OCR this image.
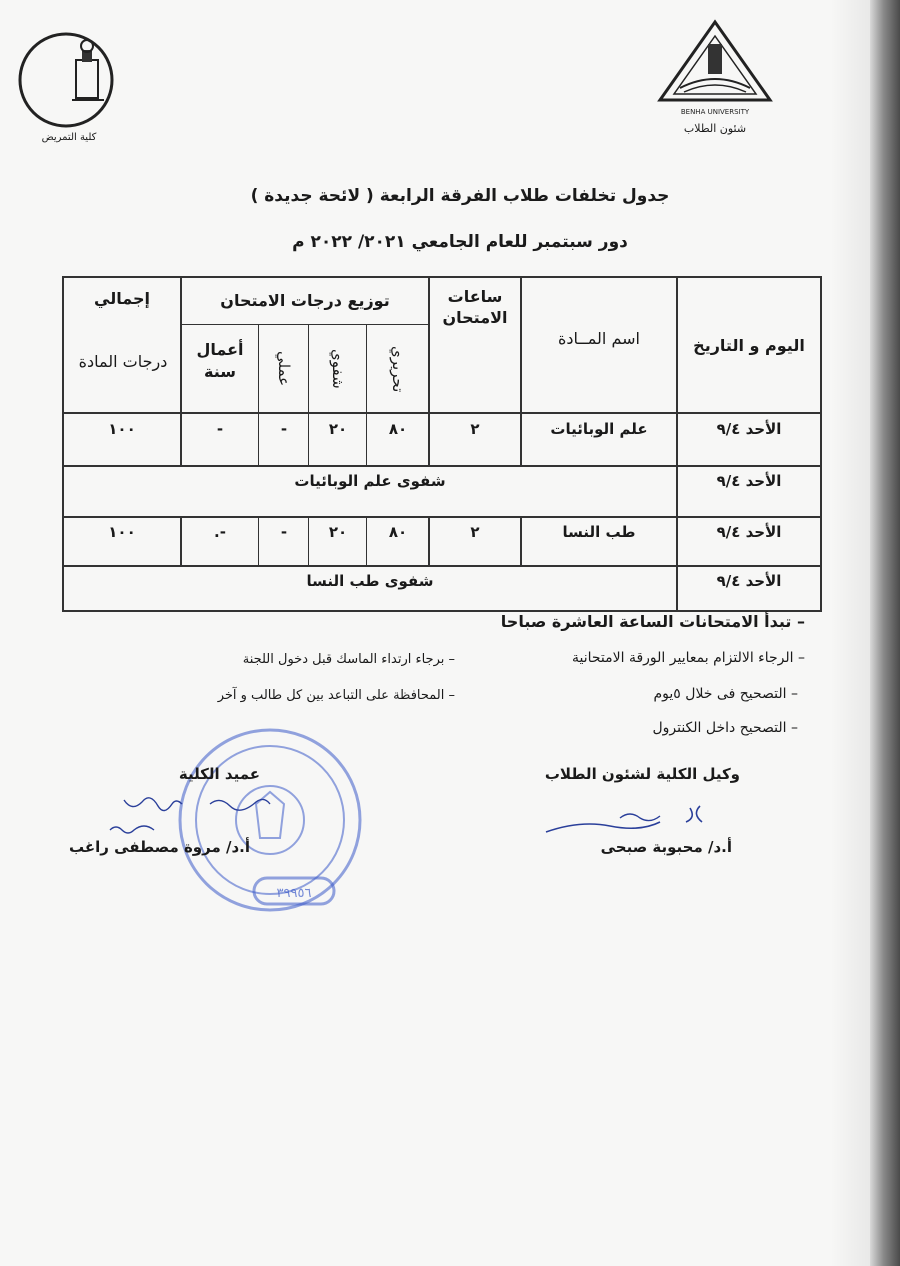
كلية التمريض
BENHA UNIVERSITY
شئون الطلاب
جدول تخلفات طلاب الفرقة الرابعة ( لائحة جديدة )
دور سبتمبر للعام الجامعي ٢٠٢١/ ٢٠٢٢ م
اليوم و التاريخ
اسم المــادة
ساعات الامتحان
توزيع درجات الامتحان
تحريري
شفوي
عملي
أعمال سنة
إجمالي
درجات المادة
الأحد ٩/٤
علم الوبائيات
٢
٨٠
٢٠
-
-
١٠٠
الأحد ٩/٤
شفوى علم الوبائيات
الأحد ٩/٤
طب النسا
٢
٨٠
٢٠
-
-.
١٠٠
الأحد ٩/٤
شفوى طب النسا
– تبدأ الامتحانات الساعة العاشرة صباحا
– الرجاء الالتزام بمعايير الورقة الامتحانية
– برجاء ارتداء الماسك قبل دخول اللجنة
– التصحيح فى خلال ٥يوم
– المحافظة على التباعد بين كل طالب و آخر
– التصحيح داخل الكنترول
٣٩٩٥٦
وكيل الكلية لشئون الطلاب
أ.د/ محبوبة صبحى
عميد الكلية
أ.د/ مروة مصطفى راغب
